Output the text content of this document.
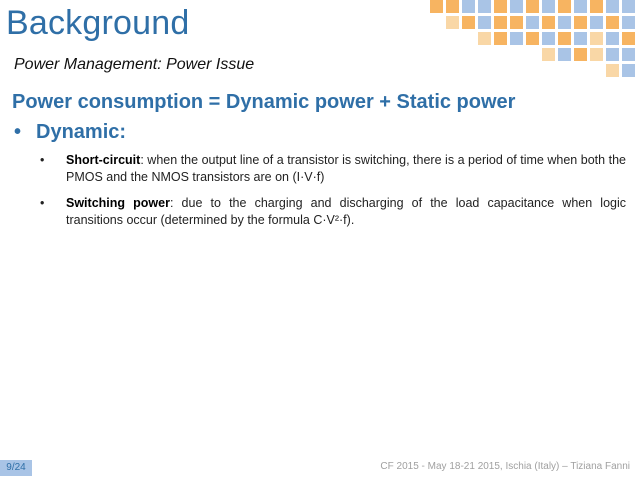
Background
Power Management: Power Issue
Power consumption = Dynamic power + Static power
• Dynamic:
• Short-circuit: when the output line of a transistor is switching, there is a period of time when both the PMOS and the NMOS transistors are on (I·V·f)
• Switching power: due to the charging and discharging of the load capacitance when logic transitions occur (determined by the formula C·V²·f).
9/24	CF 2015 - May 18-21 2015, Ischia (Italy) – Tiziana Fanni
